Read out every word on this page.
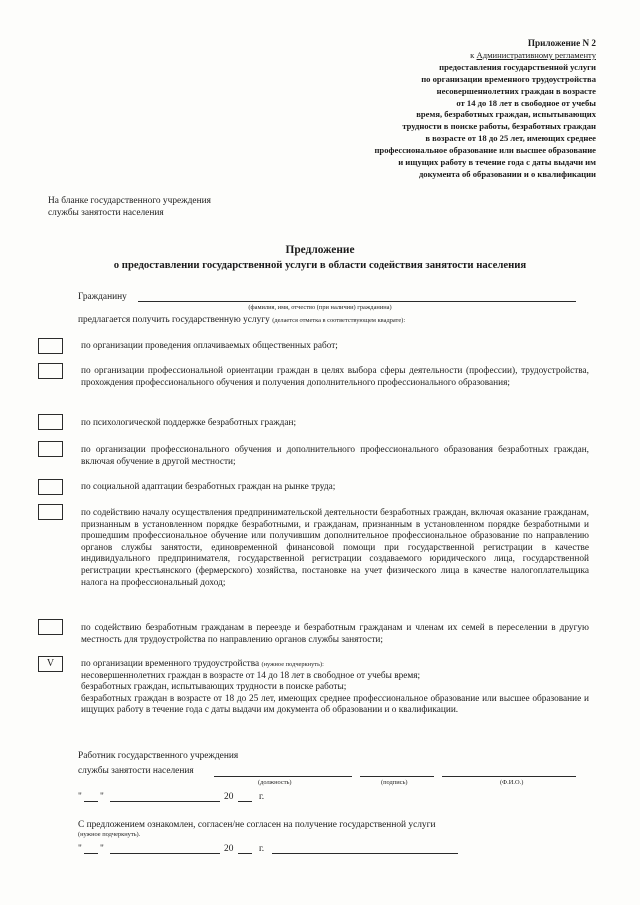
Приложение N 2
к Административному регламенту
предоставления государственной услуги
по организации временного трудоустройства
несовершеннолетних граждан в возрасте
от 14 до 18 лет в свободное от учебы
время, безработных граждан, испытывающих
трудности в поиске работы, безработных граждан
в возрасте от 18 до 25 лет, имеющих среднее
профессиональное образование или высшее образование
и ищущих работу в течение года с даты выдачи им
документа об образовании и о квалификации
На бланке государственного учреждения
службы занятости населения
Предложение
о предоставлении государственной услуги в области содействия занятости населения
Гражданину
(фамилия, имя, отчество (при наличии) гражданина)
предлагается получить государственную услугу (делается отметка в соответствующем квадрате):
по организации проведения оплачиваемых общественных работ;
по организации профессиональной ориентации граждан в целях выбора сферы деятельности (профессии), трудоустройства, прохождения профессионального обучения и получения дополнительного профессионального образования;
по психологической поддержке безработных граждан;
по организации профессионального обучения и дополнительного профессионального образования безработных граждан, включая обучение в другой местности;
по социальной адаптации безработных граждан на рынке труда;
по содействию началу осуществления предпринимательской деятельности безработных граждан, включая оказание гражданам, признанным в установленном порядке безработными, и гражданам, признанным в установленном порядке безработными и прошедшим профессиональное обучение или получившим дополнительное профессиональное образование по направлению органов службы занятости, единовременной финансовой помощи при государственной регистрации в качестве индивидуального предпринимателя, государственной регистрации создаваемого юридического лица, государственной регистрации крестьянского (фермерского) хозяйства, постановке на учет физического лица в качестве налогоплательщика налога на профессиональный доход;
по содействию безработным гражданам в переезде и безработным гражданам и членам их семей в переселении в другую местность для трудоустройства по направлению органов службы занятости;
V	по организации временного трудоустройства (нужное подчеркнуть):

несовершеннолетних граждан в возрасте от 14 до 18 лет в свободное от учебы время;

безработных граждан, испытывающих трудности в поиске работы;

безработных граждан в возрасте от 18 до 25 лет, имеющих среднее профессиональное образование или высшее образование и ищущих работу в течение года с даты выдачи им документа об образовании и о квалификации.

Работник государственного учреждения
службы занятости населения
(должность)	(подпись)	(Ф.И.О.)
" "	20	г.
С предложением ознакомлен, согласен/не согласен на получение государственной услуги
(нужное подчеркнуть).
" "	20	г.
